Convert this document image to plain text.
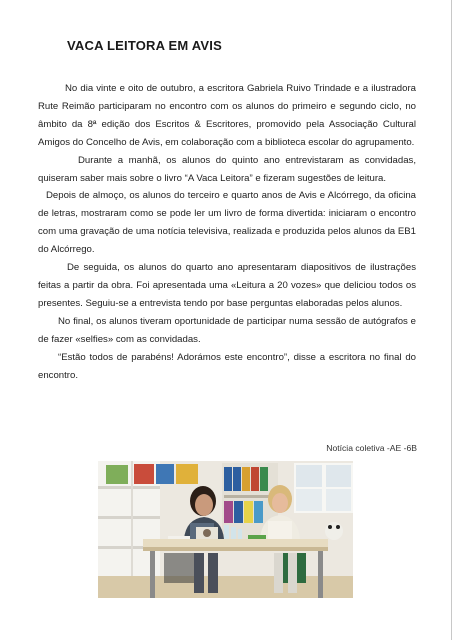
VACA LEITORA EM AVIS

No dia vinte e oito de outubro, a escritora Gabriela Ruivo Trindade e a ilustradora Rute Reimão participaram no encontro com os alunos do primeiro e segundo ciclo, no âmbito da 8ª edição dos Escritos & Escritores, promovido pela Associação Cultural Amigos do Concelho de Avis, em colaboração com a biblioteca escolar do agrupamento.

Durante a manhã, os alunos do quinto ano entrevistaram as convidadas, quiseram saber mais sobre o livro “A Vaca Leitora” e fizeram sugestões de leitura.

Depois de almoço, os alunos do terceiro e quarto anos de Avis e Alcórrego, da oficina de letras, mostraram como se pode ler um livro de forma divertida: iniciaram o encontro com uma gravação de uma notícia televisiva, realizada e produzida pelos alunos da EB1 do Alcórrego.

De seguida, os alunos do quarto ano apresentaram diapositivos de ilustrações feitas a partir da obra. Foi apresentada uma «Leitura a 20 vozes» que deliciou todos os presentes. Seguiu-se a entrevista tendo por base perguntas elaboradas pelos alunos.

No final, os alunos tiveram oportunidade de participar numa sessão de autógrafos e de fazer «selfies» com as convidadas.

“Estão todos de parabéns! Adorámos este encontro”, disse a escritora no final do encontro.

Notícia coletiva -AE -6B
